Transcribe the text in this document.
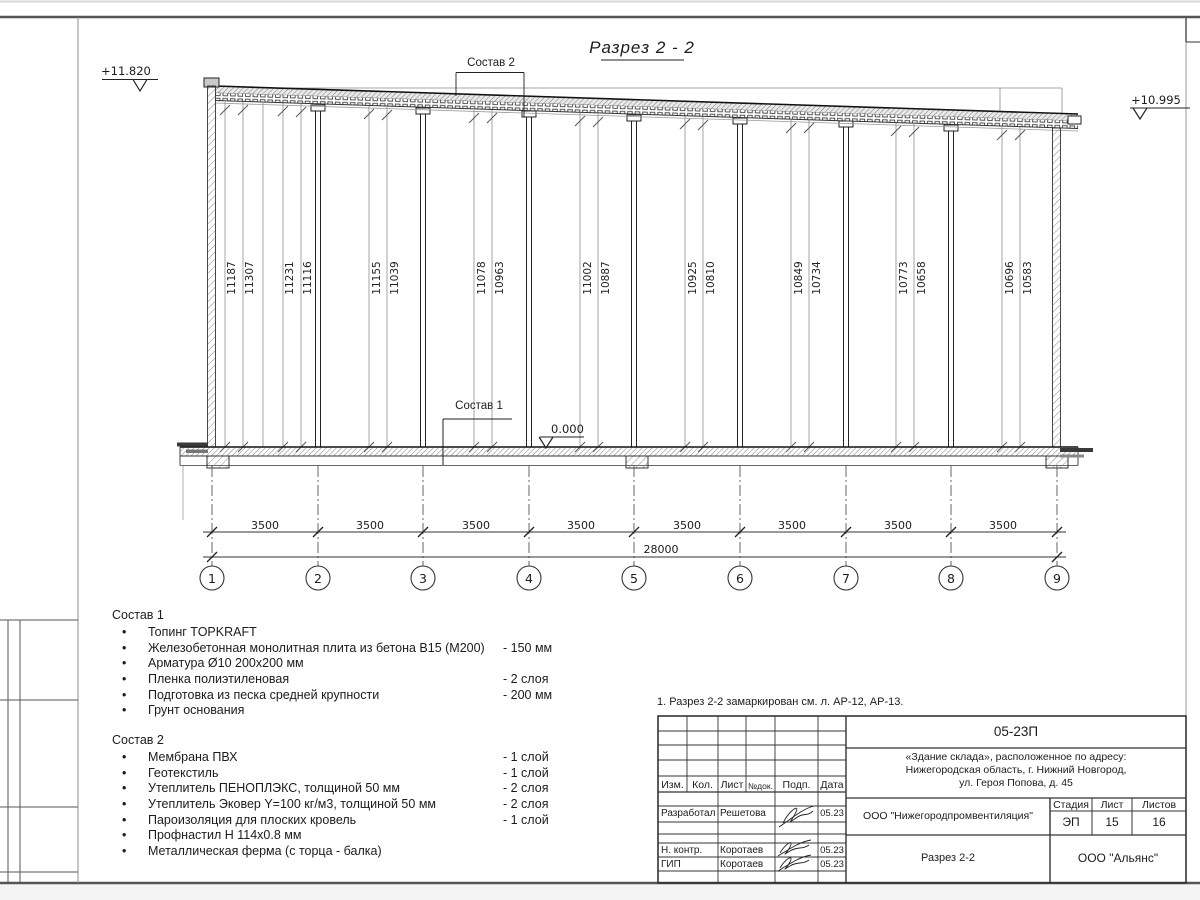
Разрез 2 - 2
+11.820
+10.995
0.000
Состав 2
Состав 1
11187 11307	11231 11116	11155 11039	11078 10963	11002 10887	10925 10810	10849 10734	10773 10658	10696 10583
3500	3500	3500	3500	3500	3500	3500	3500
28000
1	2	3	4	5	6	7	8	9
Состав 1
• Топинг TOPKRAFT
• Железобетонная монолитная плита из бетона B15 (М200) - 150 мм
• Арматура Ø10 200x200 мм
• Пленка полиэтиленовая	- 2 слоя
• Подготовка из песка средней крупности	- 200 мм
• Грунт основания
Состав 2
• Мембрана ПВХ	- 1 слой
• Геотекстиль	- 1 слой
• Утеплитель ПЕНОПЛЭКС, толщиной 50 мм	- 2 слоя
• Утеплитель Эковер Y=100 кг/м3, толщиной 50 мм	- 2 слоя
• Пароизоляция для плоских кровель	- 1 слой
• Профнастил Н 114x0.8 мм
• Металлическая ферма (с торца - балка)
1. Разрез 2-2 замаркирован см. л. АР-12, АР-13.
Изм. Кол. Лист №док. Подп. Дата
Разработал Решетова	05.23
Н. контр. Коротаев	05.23
ГИП	Коротаев	05.23
05-23П
«Здание склада», расположенное по адресу:
Нижегородская область, г. Нижний Новгород,
ул. Героя Попова, д. 45
ООО "Нижегородпромвентиляция"
Стадия	Лист	Листов
ЭП	15	16
Разрез 2-2	ООО "Альянс"
